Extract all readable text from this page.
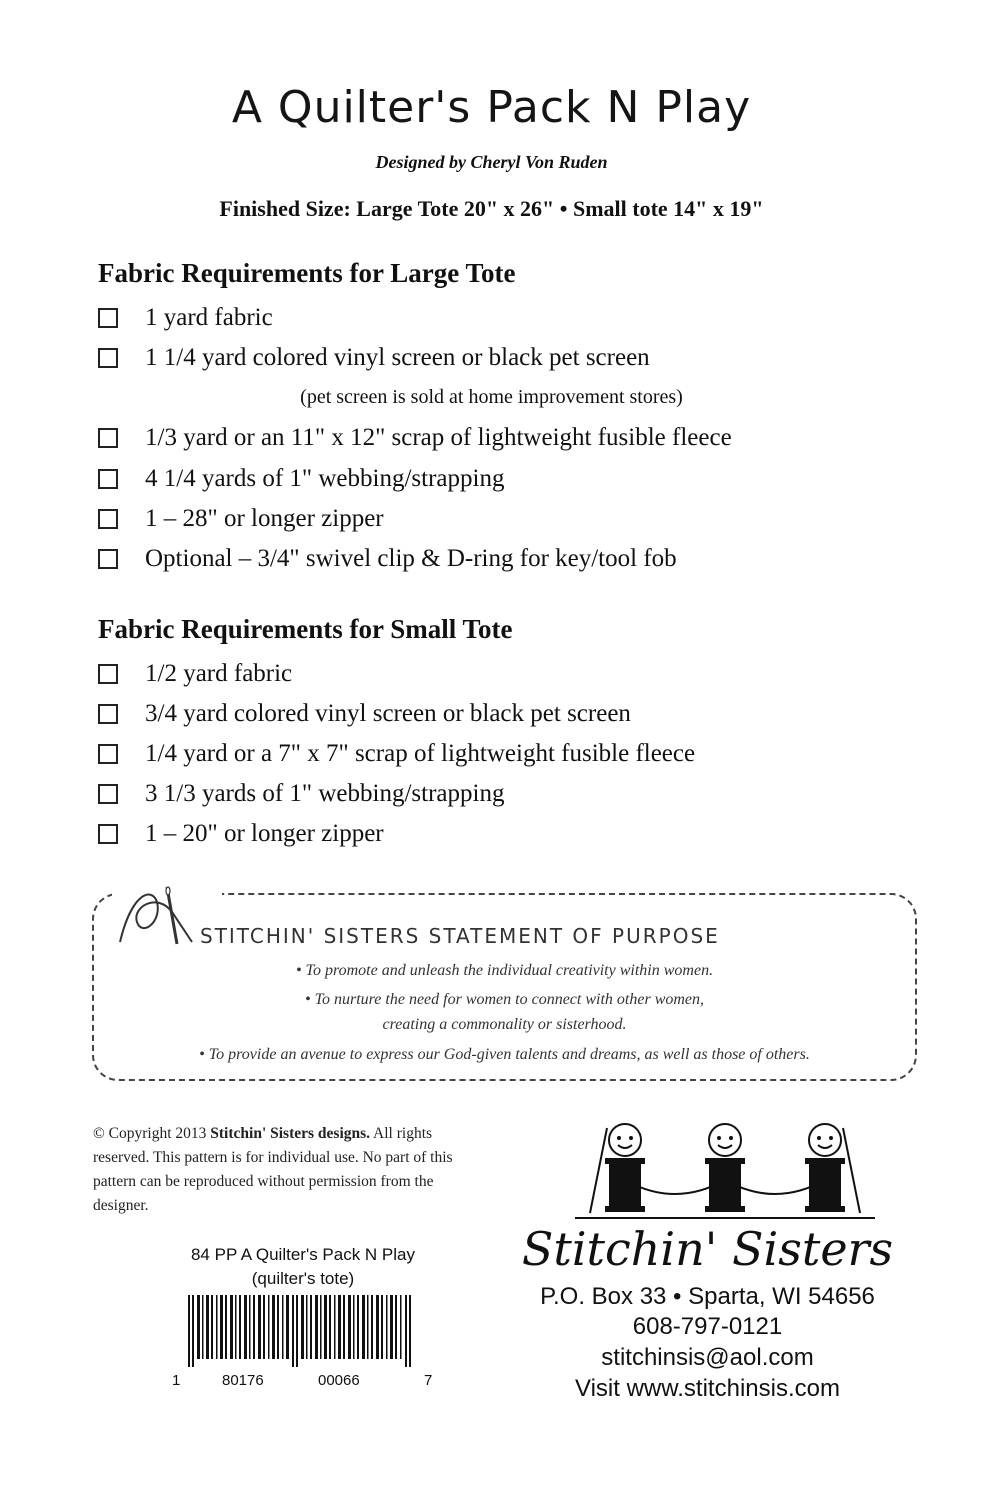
A Quilter's Pack N Play
Designed by Cheryl Von Ruden
Finished Size: Large Tote 20" x 26" • Small tote 14" x 19"
Fabric Requirements for Large Tote
1 yard fabric
1 1/4 yard colored vinyl screen or black pet screen
(pet screen is sold at home improvement stores)
1/3 yard or an 11" x 12" scrap of lightweight fusible fleece
4 1/4 yards of 1" webbing/strapping
1 – 28" or longer zipper
Optional – 3/4" swivel clip & D-ring for key/tool fob
Fabric Requirements for Small Tote
1/2 yard fabric
3/4 yard colored vinyl screen or black pet screen
1/4 yard or a 7" x 7" scrap of lightweight fusible fleece
3 1/3 yards of 1" webbing/strapping
1 – 20" or longer zipper
STITCHIN' SISTERS STATEMENT OF PURPOSE
• To promote and unleash the individual creativity within women.
• To nurture the need for women to connect with other women,
creating a commonality or sisterhood.
• To provide an avenue to express our God-given talents and dreams, as well as those of others.
© Copyright 2013 Stitchin' Sisters designs. All rights reserved. This pattern is for individual use. No part of this pattern can be reproduced without permission from the designer.
84 PP A Quilter's Pack N Play
(quilter's tote)
1	80176	00066	7
Stitchin' Sisters
P.O. Box 33 • Sparta, WI 54656
608-797-0121
stitchinsis@aol.com
Visit www.stitchinsis.com
